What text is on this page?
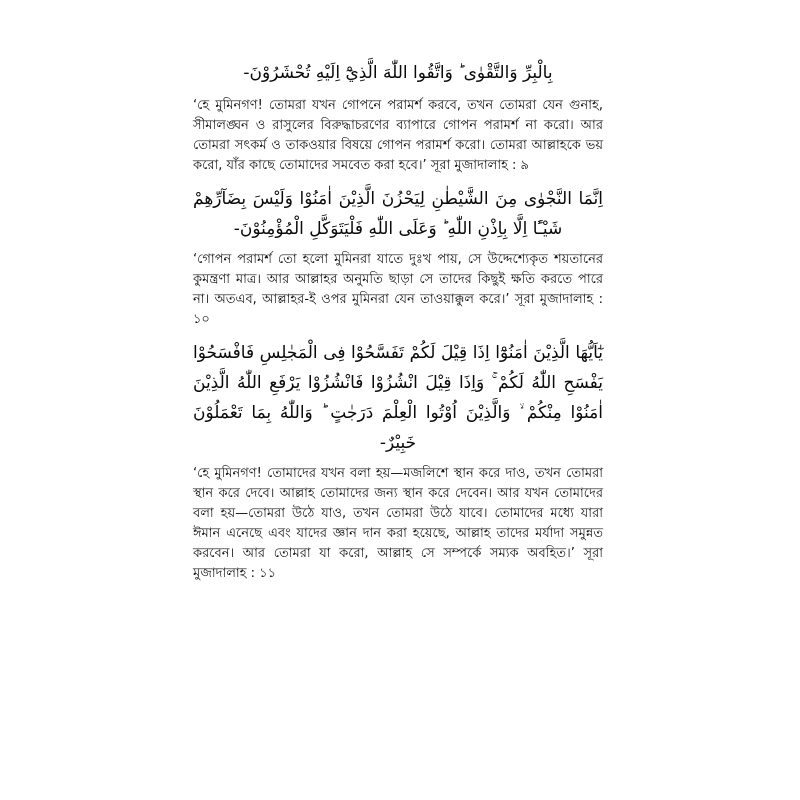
بِالْبِرِّ وَالتَّقْوٰى ؕ وَاتَّقُوا اللّٰهَ الَّذِيْٓ اِلَيْهِ تُحْشَرُوْنَ-

‘হে মুমিনগণ! তোমরা যখন গোপনে পরামর্শ করবে, তখন তোমরা যেন গুনাহ, সীমালঙ্ঘন ও রাসুলের বিরুদ্ধাচরণের ব্যাপারে গোপন পরামর্শ না করো। আর তোমরা সৎকর্ম ও তাকওয়ার বিষয়ে গোপন পরামর্শ করো। তোমরা আল্লাহকে ভয় করো, যাঁর কাছে তোমাদের সমবেত করা হবে।’ সূরা মুজাদালাহ : ৯

اِنَّمَا النَّجْوٰى مِنَ الشَّيْطٰنِ لِيَحْزُنَ الَّذِيْنَ اٰمَنُوْا وَلَيْسَ بِضَآرِّهِمْ شَيْـًٔا اِلَّا بِاِذْنِ اللّٰهِ ؕ وَعَلَى اللّٰهِ فَلْيَتَوَكَّلِ الْمُؤْمِنُوْنَ-

‘গোপন পরামর্শ তো হলো মুমিনরা যাতে দুঃখ পায়, সে উদ্দেশ্যেকৃত শয়তানের কুমন্ত্রণা মাত্র। আর আল্লাহর অনুমতি ছাড়া সে তাদের কিছুই ক্ষতি করতে পারে না। অতএব, আল্লাহর-ই ওপর মুমিনরা যেন তাওয়াক্কুল করে।’ সূরা মুজাদালাহ : ১০

يٰٓاَيُّهَا الَّذِيْنَ اٰمَنُوْٓا اِذَا قِيْلَ لَكُمْ تَفَسَّحُوْا فِى الْمَجٰلِسِ فَافْسَحُوْا يَفْسَحِ اللّٰهُ لَكُمْ ۚ وَاِذَا قِيْلَ انْشُزُوْا فَانْشُزُوْا يَرْفَعِ اللّٰهُ الَّذِيْنَ اٰمَنُوْا مِنْكُمْ ۙ وَالَّذِيْنَ اُوْتُوا الْعِلْمَ دَرَجٰتٍ ؕ وَاللّٰهُ بِمَا تَعْمَلُوْنَ خَبِيْرٌ-

‘হে মুমিনগণ! তোমাদের যখন বলা হয়—মজলিশে স্থান করে দাও, তখন তোমরা স্থান করে দেবে। আল্লাহ তোমাদের জন্য স্থান করে দেবেন। আর যখন তোমাদের বলা হয়—তোমরা উঠে যাও, তখন তোমরা উঠে যাবে। তোমাদের মধ্যে যারা ঈমান এনেছে এবং যাদের জ্ঞান দান করা হয়েছে, আল্লাহ তাদের মর্যাদা সমুন্নত করবেন। আর তোমরা যা করো, আল্লাহ সে সম্পর্কে সম্যক অবহিত।’ সূরা মুজাদালাহ : ১১
